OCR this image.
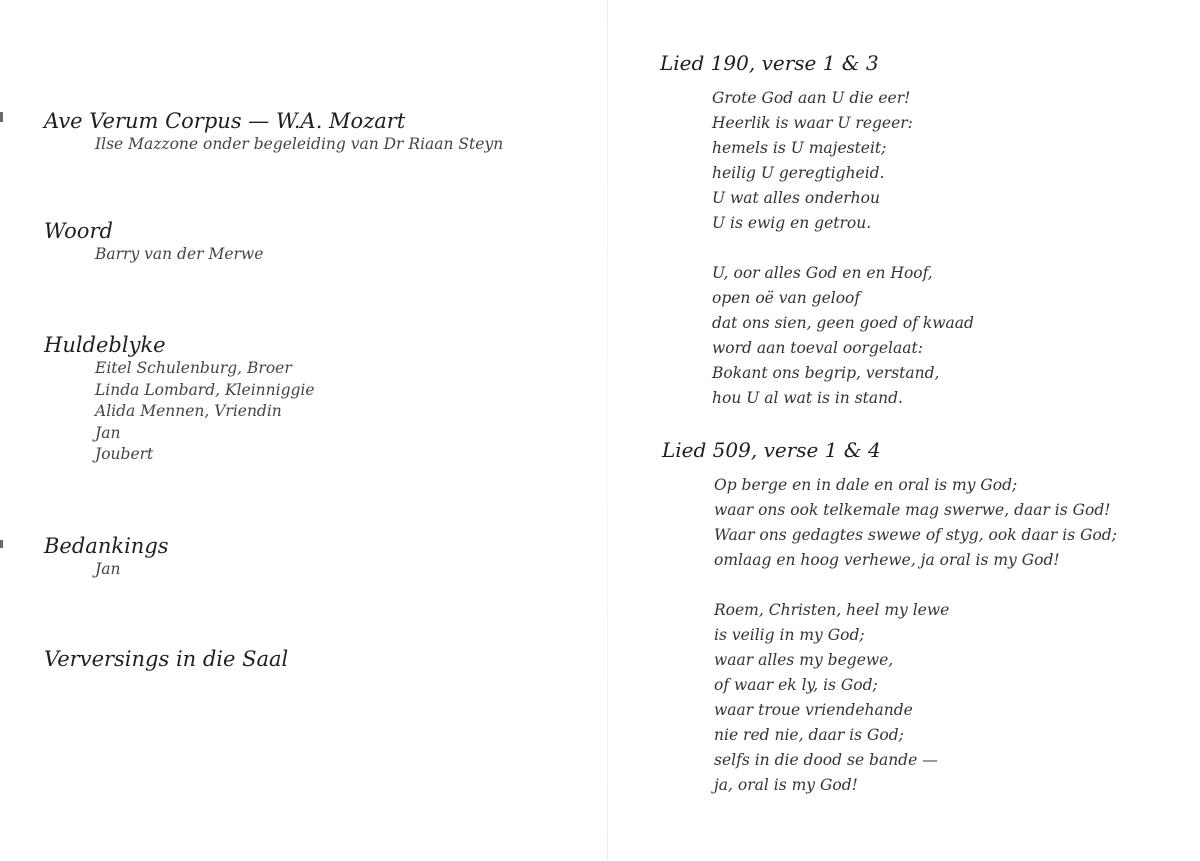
Ave Verum Corpus — W.A. Mozart
Ilse Mazzone onder begeleiding van Dr Riaan Steyn
Woord
Barry van der Merwe
Huldeblyke
Eitel Schulenburg, Broer
Linda Lombard, Kleinniggie
Alida Mennen, Vriendin
Jan
Joubert
Bedankings
Jan
Verversings in die Saal
Lied 190, verse 1 & 3
Grote God aan U die eer!
Heerlik is waar U regeer:
hemels is U majesteit;
heilig U geregtigheid.
U wat alles onderhou
U is ewig en getrou.
U, oor alles God en en Hoof,
open oë van geloof
dat ons sien, geen goed of kwaad
word aan toeval oorgelaat:
Bokant ons begrip, verstand,
hou U al wat is in stand.
Lied 509, verse 1 & 4
Op berge en in dale en oral is my God;
waar ons ook telkemale mag swerwe, daar is God!
Waar ons gedagtes swewe of styg, ook daar is God;
omlaag en hoog verhewe, ja oral is my God!
Roem, Christen, heel my lewe
is veilig in my God;
waar alles my begewe,
of waar ek ly, is God;
waar troue vriendehande
nie red nie, daar is God;
selfs in die dood se bande —
ja, oral is my God!
